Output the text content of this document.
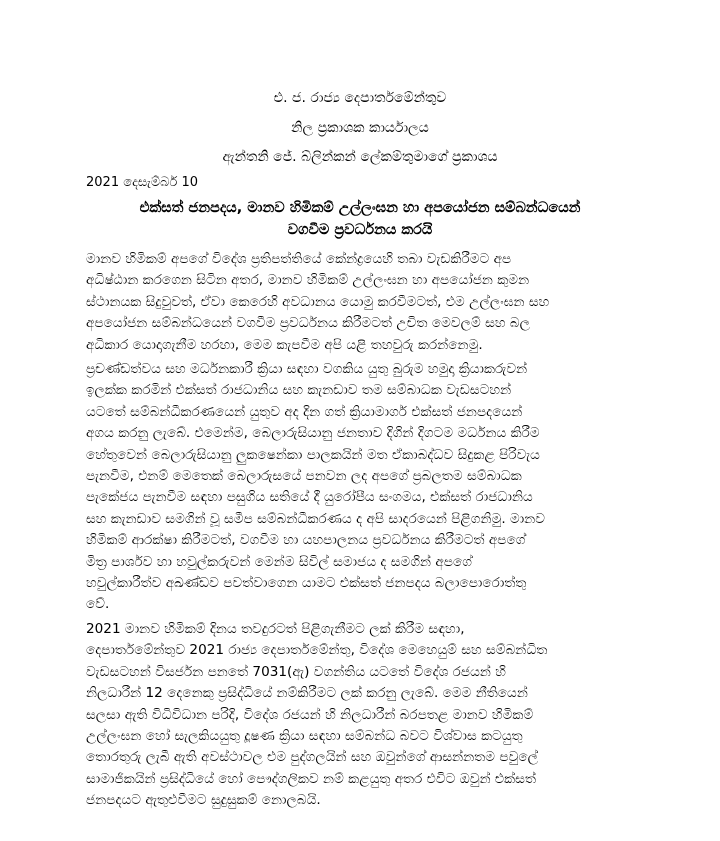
එ. ජ. රාජ්‍ය දෙපාර්තමේන්තුව
නිල ප්‍රකාශක කාර්යාලය
ඇන්තනි ජේ. බ්ලින්කන් ලේකම්තුමාගේ ප්‍රකාශය
2021 දෙසැම්බර් 10
එක්සත් ජනපදය, මානව හිමිකම් උල්ලංඝන හා අපයෝජන සම්බන්ධයෙන්
වගවීම ප්‍රවර්ධනය කරයි
මානව හිමිකම් අපගේ විදේශ ප්‍රතිපත්තියේ කේන්ද්‍රයෙහි තබා වැඩකිරීමට අප
අධිෂ්ඨාන කරගෙන සිටින අතර, මානව හිමිකම් උල්ලංඝන හා අපයෝජන කුමන
ස්ථානයක සිදුවුවත්, ඒවා කෙරෙහි අවධානය යොමු කරවීමටත්, එම උල්ලංඝන සහ
අපයෝජන සම්බන්ධයෙන් වගවීම ප්‍රවර්ධනය කිරීමටත් උචිත මෙවලම් සහ බල
අධිකාර යොදාගැනීම හරහා, මෙම කැපවීම අපි යළි තහවුරු කරන්නෙමු.
ප්‍රචණ්ඩත්වය සහ මර්ධනකාරී ක්‍රියා සඳහා වගකිය යුතු බුරුම හමුදා ක්‍රියාකරුවන්
ඉලක්ක කරමින් එක්සත් රාජධානිය සහ කැනඩාව තම සම්බාධක වැඩසටහන්
යටතේ සම්බන්ධීකරණයෙන් යුතුව අද දින ගත් ක්‍රියාමාර්ග එක්සත් ජනපදයෙන්
අගය කරනු ලැබේ. එමෙන්ම, බෙලාරුසියානු ජනතාව දිගින් දිගටම මර්ධනය කිරීම
හේතුවෙන් බෙලාරුසියානු ලුකෂෙන්කා පාලකයින් මත ඒකාබද්ධව සිදුකළ පිරිවැය
පැනවීම, එනම් මෙතෙක් බෙලාරුසයේ පනවන ලද අපගේ ප්‍රබලතම සම්බාධක
පැකේජය පැනවීම සඳහා පසුගිය සතියේ දී යුරෝපීය සංගමය, එක්සත් රාජධානිය
සහ කැනඩාව සමගින් වූ සමීප සම්බන්ධීකරණය ද අපි සාදරයෙන් පිළිගනිමු. මානව
හිමිකම් ආරක්ෂා කිරීමටත්, වගවීම හා යහපාලනය ප්‍රවර්ධනය කිරීමටත් අපගේ
මිත්‍ර පාර්ශව හා හවුල්කරුවන් මෙන්ම සිවිල් සමාජය ද සමගින් අපගේ
හවුල්කාරීත්ව අඛණ්ඩව පවත්වාගෙන යාමට එක්සත් ජනපදය බලාපොරොත්තු
වේ.
2021 මානව හිමිකම් දිනය තවදුරටත් පිළිගැනීමට ලක් කිරීම සඳහා,
දෙපාර්තමේන්තුව 2021 රාජ්‍ය දෙපාර්තමේන්තු, විදේශ මෙහෙයුම් සහ සම්බන්ධිත
වැඩසටහන් විසර්ජන පනතේ 7031(ඇ) වගන්තිය යටතේ විදේශ රජයන් හි
නිලධාරීන් 12 දෙනෙකු ප්‍රසිද්ධියේ නම්කිරීමට ලක් කරනු ලැබේ. මෙම නීතියෙන්
සලසා ඇති විධිවිධාන පරිදි, විදේශ රජයන් හි නිලධාරීන් බරපතළ මානව හිමිකම්
උල්ලංඝන හෝ සැලකියයුතු දූෂණ ක්‍රියා සඳහා සම්බන්ධ බවට විශ්වාස කටයුතු
තොරතුරු ලැබී ඇති අවස්ථාවල එම පුද්ගලයින් සහ ඔවුන්ගේ ආසන්නතම පවුලේ
සාමාජිකයින් ප්‍රසිද්ධියේ හෝ පෞද්ගලිකව නම් කළයුතු අතර එවිට ඔවුන් එක්සත්
ජනපදයට ඇතුළුවීමට සුදුසුකම් නොලබයි.
